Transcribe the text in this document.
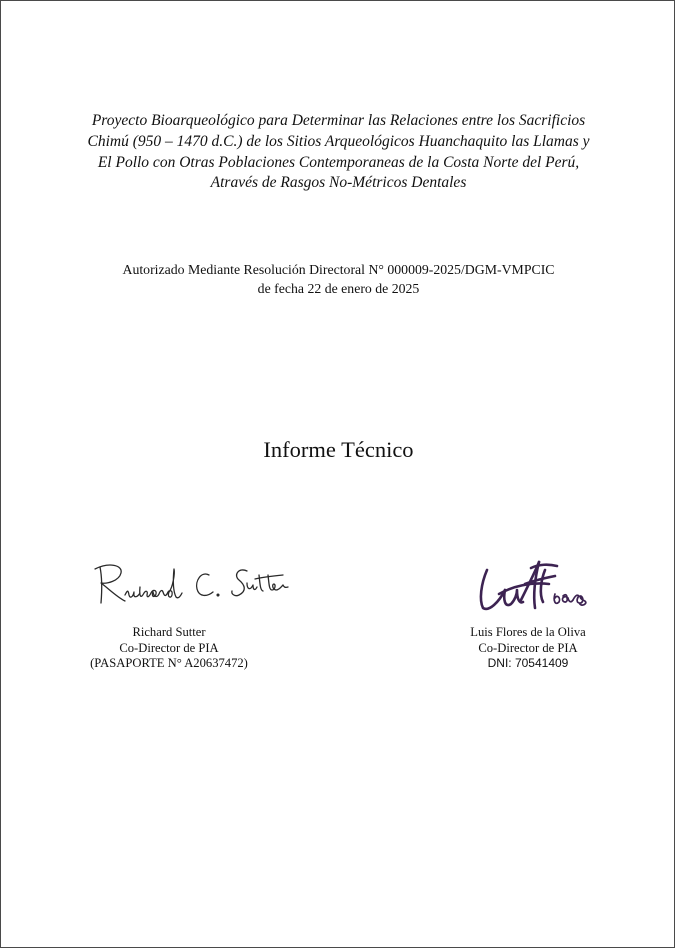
Proyecto Bioarqueológico para Determinar las Relaciones entre los Sacrificios Chimú (950 – 1470 d.C.) de los Sitios Arqueológicos Huanchaquito las Llamas y El Pollo con Otras Poblaciones Contemporaneas de la Costa Norte del Perú, Através de Rasgos No-Métricos Dentales
Autorizado Mediante Resolución Directoral N° 000009-2025/DGM-VMPCIC
de fecha 22 de enero de 2025
Informe Técnico
Richard Sutter
Co-Director de PIA
(PASAPORTE N° A20637472)
Luis Flores de la Oliva
Co-Director de PIA
DNI: 70541409
